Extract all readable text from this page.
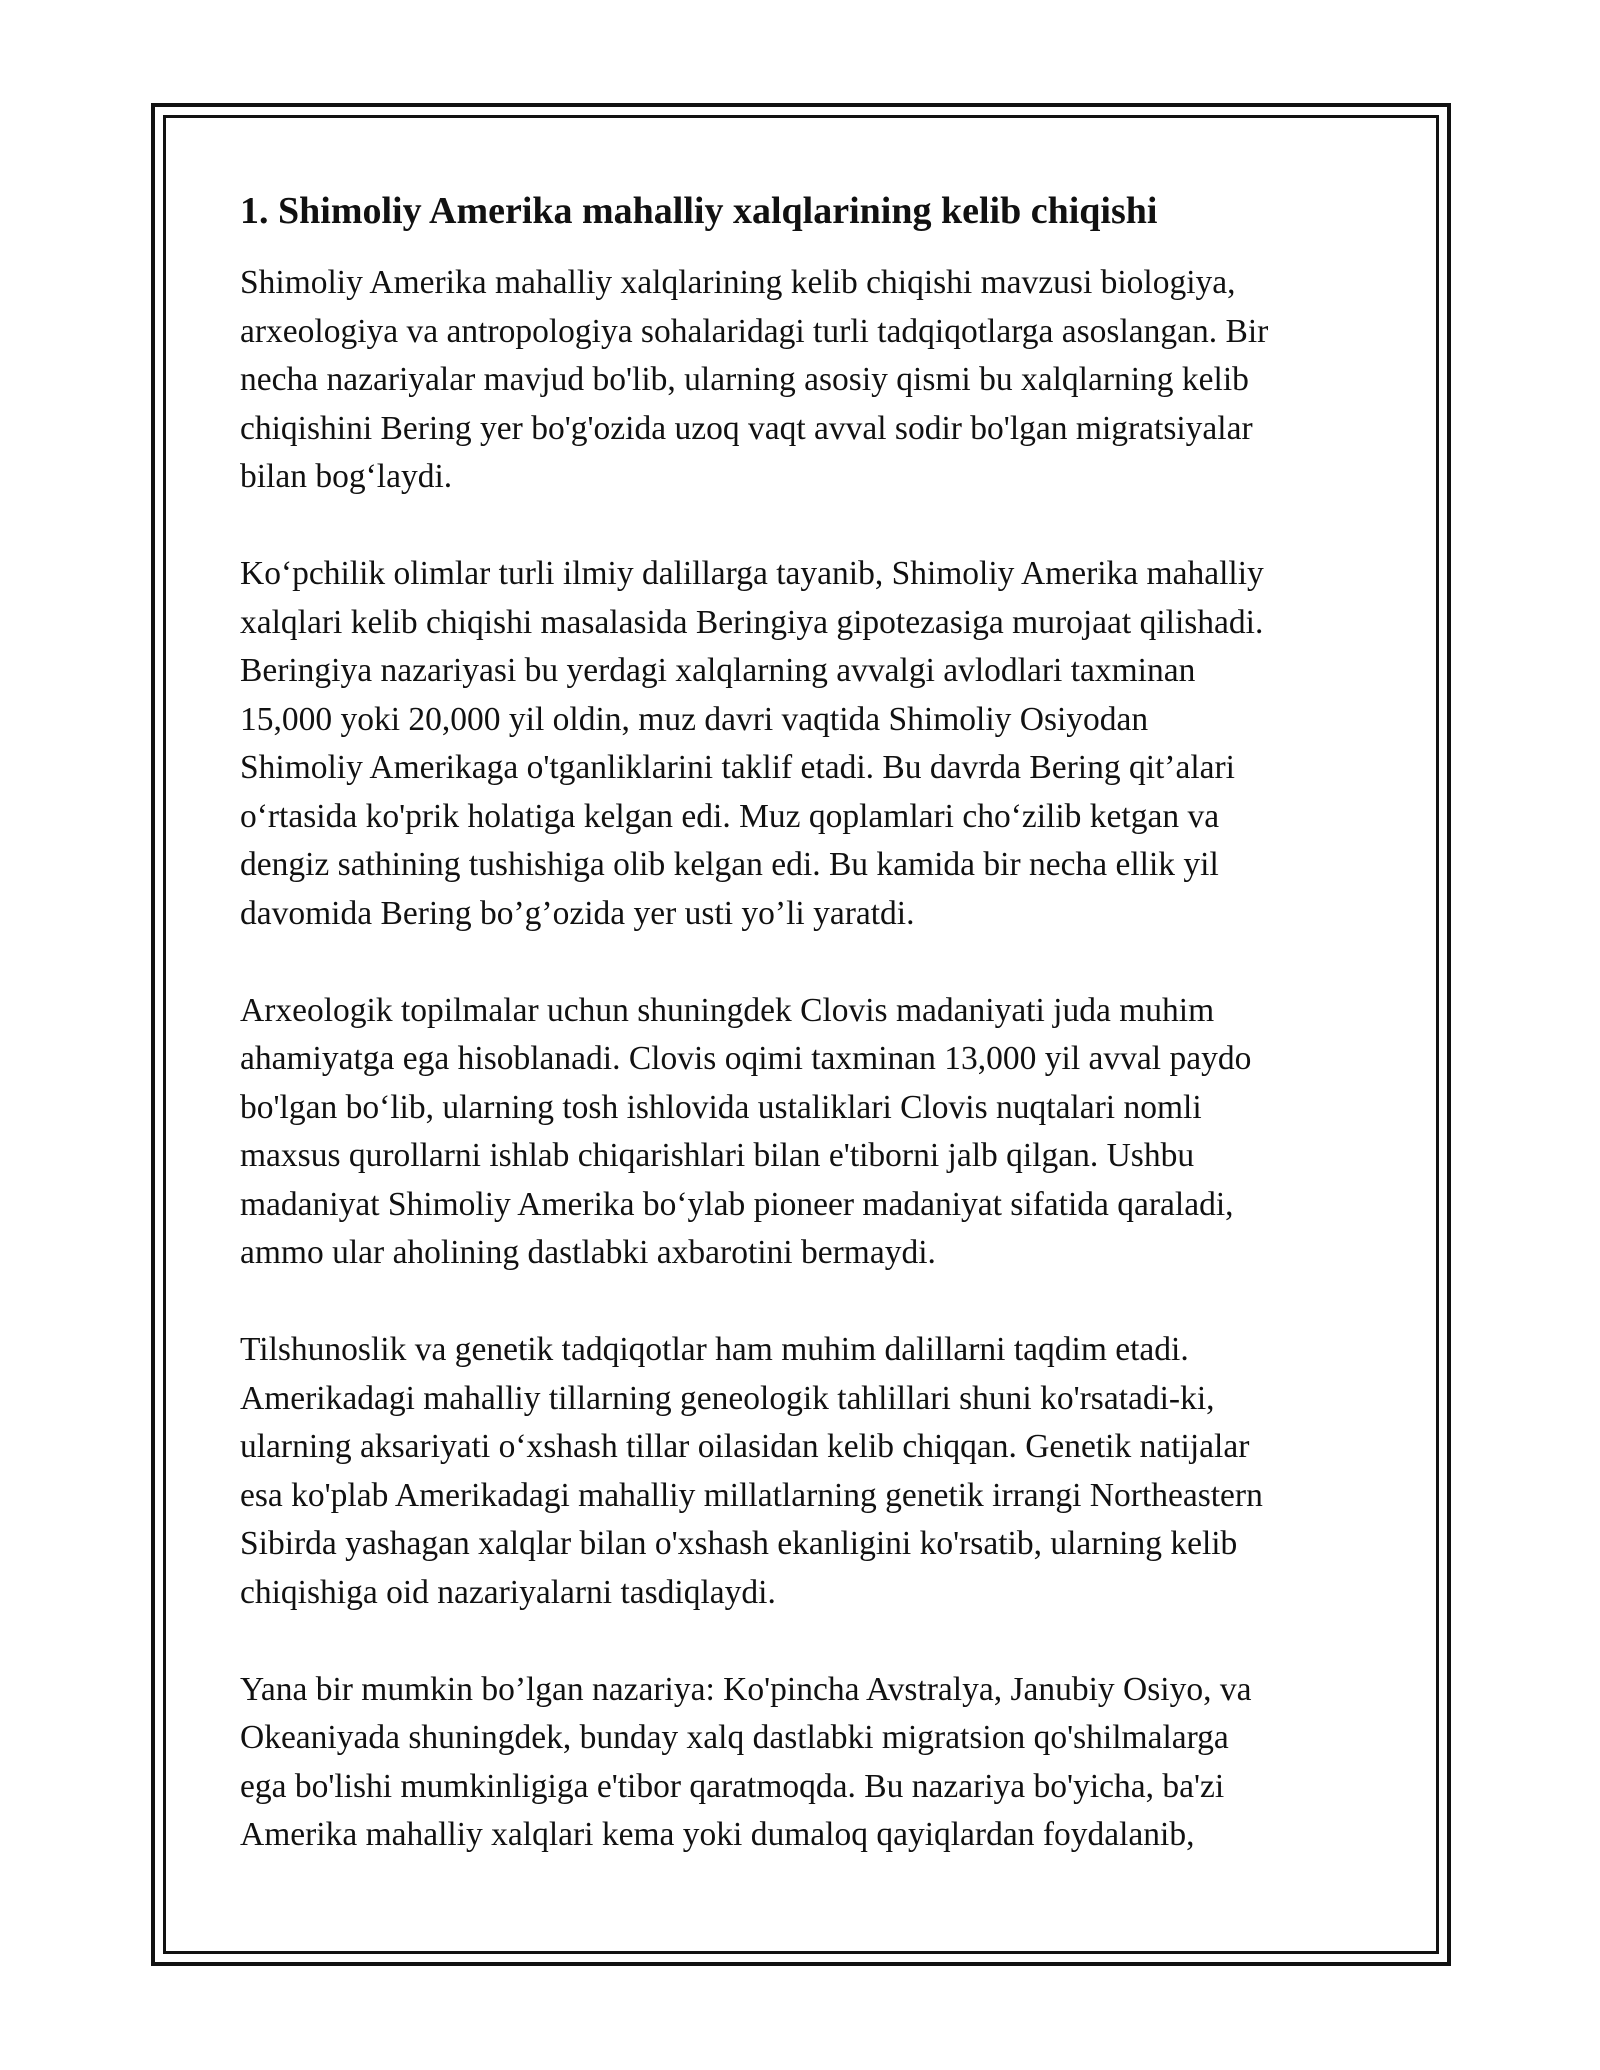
1. Shimoliy Amerika mahalliy xalqlarining kelib chiqishi

Shimoliy Amerika mahalliy xalqlarining kelib chiqishi mavzusi biologiya,
arxeologiya va antropologiya sohalaridagi turli tadqiqotlarga asoslangan. Bir
necha nazariyalar mavjud bo'lib, ularning asosiy qismi bu xalqlarning kelib
chiqishini Bering yer bo'g'ozida uzoq vaqt avval sodir bo'lgan migratsiyalar
bilan bog‘laydi.

Ko‘pchilik olimlar turli ilmiy dalillarga tayanib, Shimoliy Amerika mahalliy
xalqlari kelib chiqishi masalasida Beringiya gipotezasiga murojaat qilishadi.
Beringiya nazariyasi bu yerdagi xalqlarning avvalgi avlodlari taxminan
15,000 yoki 20,000 yil oldin, muz davri vaqtida Shimoliy Osiyodan
Shimoliy Amerikaga o'tganliklarini taklif etadi. Bu davrda Bering qit’alari
o‘rtasida ko'prik holatiga kelgan edi. Muz qoplamlari cho‘zilib ketgan va
dengiz sathining tushishiga olib kelgan edi. Bu kamida bir necha ellik yil
davomida Bering bo’g’ozida yer usti yo’li yaratdi.

Arxeologik topilmalar uchun shuningdek Clovis madaniyati juda muhim
ahamiyatga ega hisoblanadi. Clovis oqimi taxminan 13,000 yil avval paydo
bo'lgan bo‘lib, ularning tosh ishlovida ustaliklari Clovis nuqtalari nomli
maxsus qurollarni ishlab chiqarishlari bilan e'tiborni jalb qilgan. Ushbu
madaniyat Shimoliy Amerika bo‘ylab pioneer madaniyat sifatida qaraladi,
ammo ular aholining dastlabki axbarotini bermaydi.

Tilshunoslik va genetik tadqiqotlar ham muhim dalillarni taqdim etadi.
Amerikadagi mahalliy tillarning geneologik tahlillari shuni ko'rsatadi-ki,
ularning aksariyati o‘xshash tillar oilasidan kelib chiqqan. Genetik natijalar
esa ko'plab Amerikadagi mahalliy millatlarning genetik irrangi Northeastern
Sibirda yashagan xalqlar bilan o'xshash ekanligini ko'rsatib, ularning kelib
chiqishiga oid nazariyalarni tasdiqlaydi.

Yana bir mumkin bo’lgan nazariya: Ko'pincha Avstralya, Janubiy Osiyo, va
Okeaniyada shuningdek, bunday xalq dastlabki migratsion qo'shilmalarga
ega bo'lishi mumkinligiga e'tibor qaratmoqda. Bu nazariya bo'yicha, ba'zi
Amerika mahalliy xalqlari kema yoki dumaloq qayiqlardan foydalanib,
